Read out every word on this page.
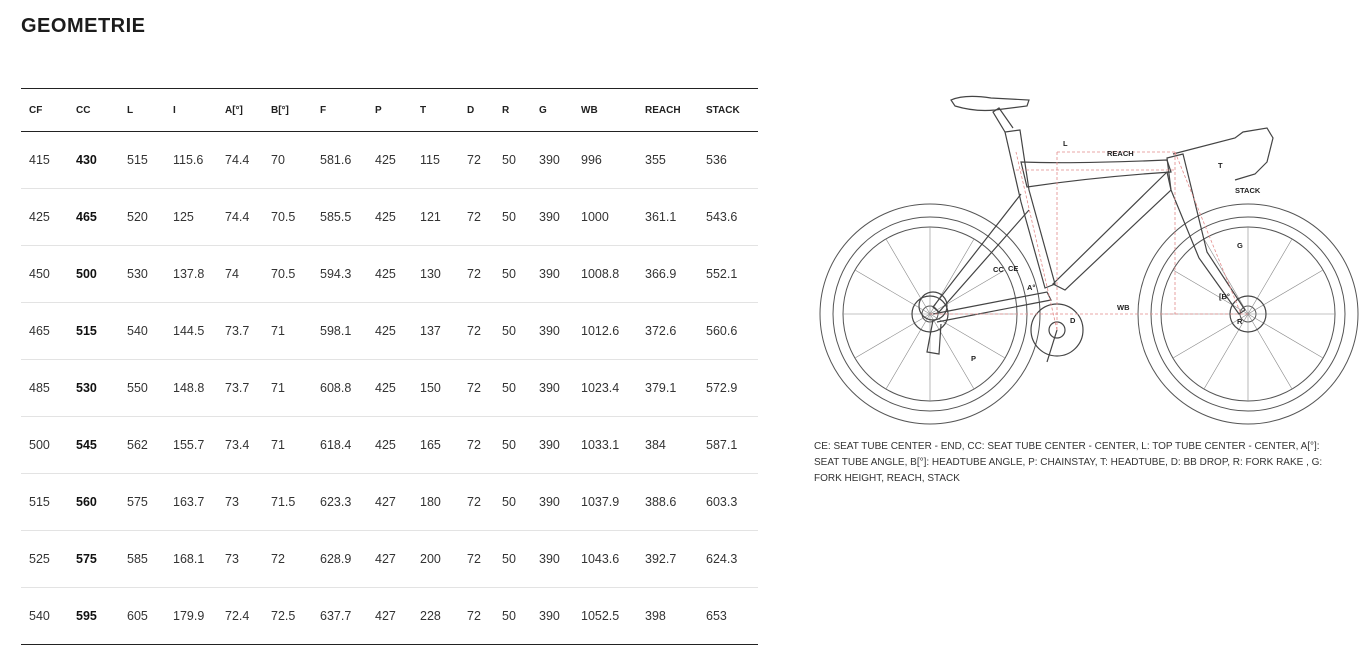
GEOMETRIE
CF	CC	L	I	A[°]	B[°]	F	P	T	D	R	G	WB	REACH	STACK
415	430	515	115.6	74.4	70	581.6	425	115	72	50	390	996	355	536
425	465	520	125	74.4	70.5	585.5	425	121	72	50	390	1000	361.1	543.6
450	500	530	137.8	74	70.5	594.3	425	130	72	50	390	1008.8	366.9	552.1
465	515	540	144.5	73.7	71	598.1	425	137	72	50	390	1012.6	372.6	560.6
485	530	550	148.8	73.7	71	608.8	425	150	72	50	390	1023.4	379.1	572.9
500	545	562	155.7	73.4	71	618.4	425	165	72	50	390	1033.1	384	587.1
515	560	575	163.7	73	71.5	623.3	427	180	72	50	390	1037.9	388.6	603.3
525	575	585	168.1	73	72	628.9	427	200	72	50	390	1043.6	392.7	624.3
540	595	605	179.9	72.4	72.5	637.7	427	228	72	50	390	1052.5	398	653
L
REACH
T
STACK
G
CC CE
A°
[B°
D	R
WB
P

CE: SEAT TUBE CENTER - END, CC: SEAT TUBE CENTER - CENTER, L: TOP TUBE CENTER - CENTER, A[°]: SEAT TUBE ANGLE, B[°]: HEADTUBE ANGLE, P: CHAINSTAY, T: HEADTUBE, D: BB DROP, R: FORK RAKE , G: FORK HEIGHT, REACH, STACK
